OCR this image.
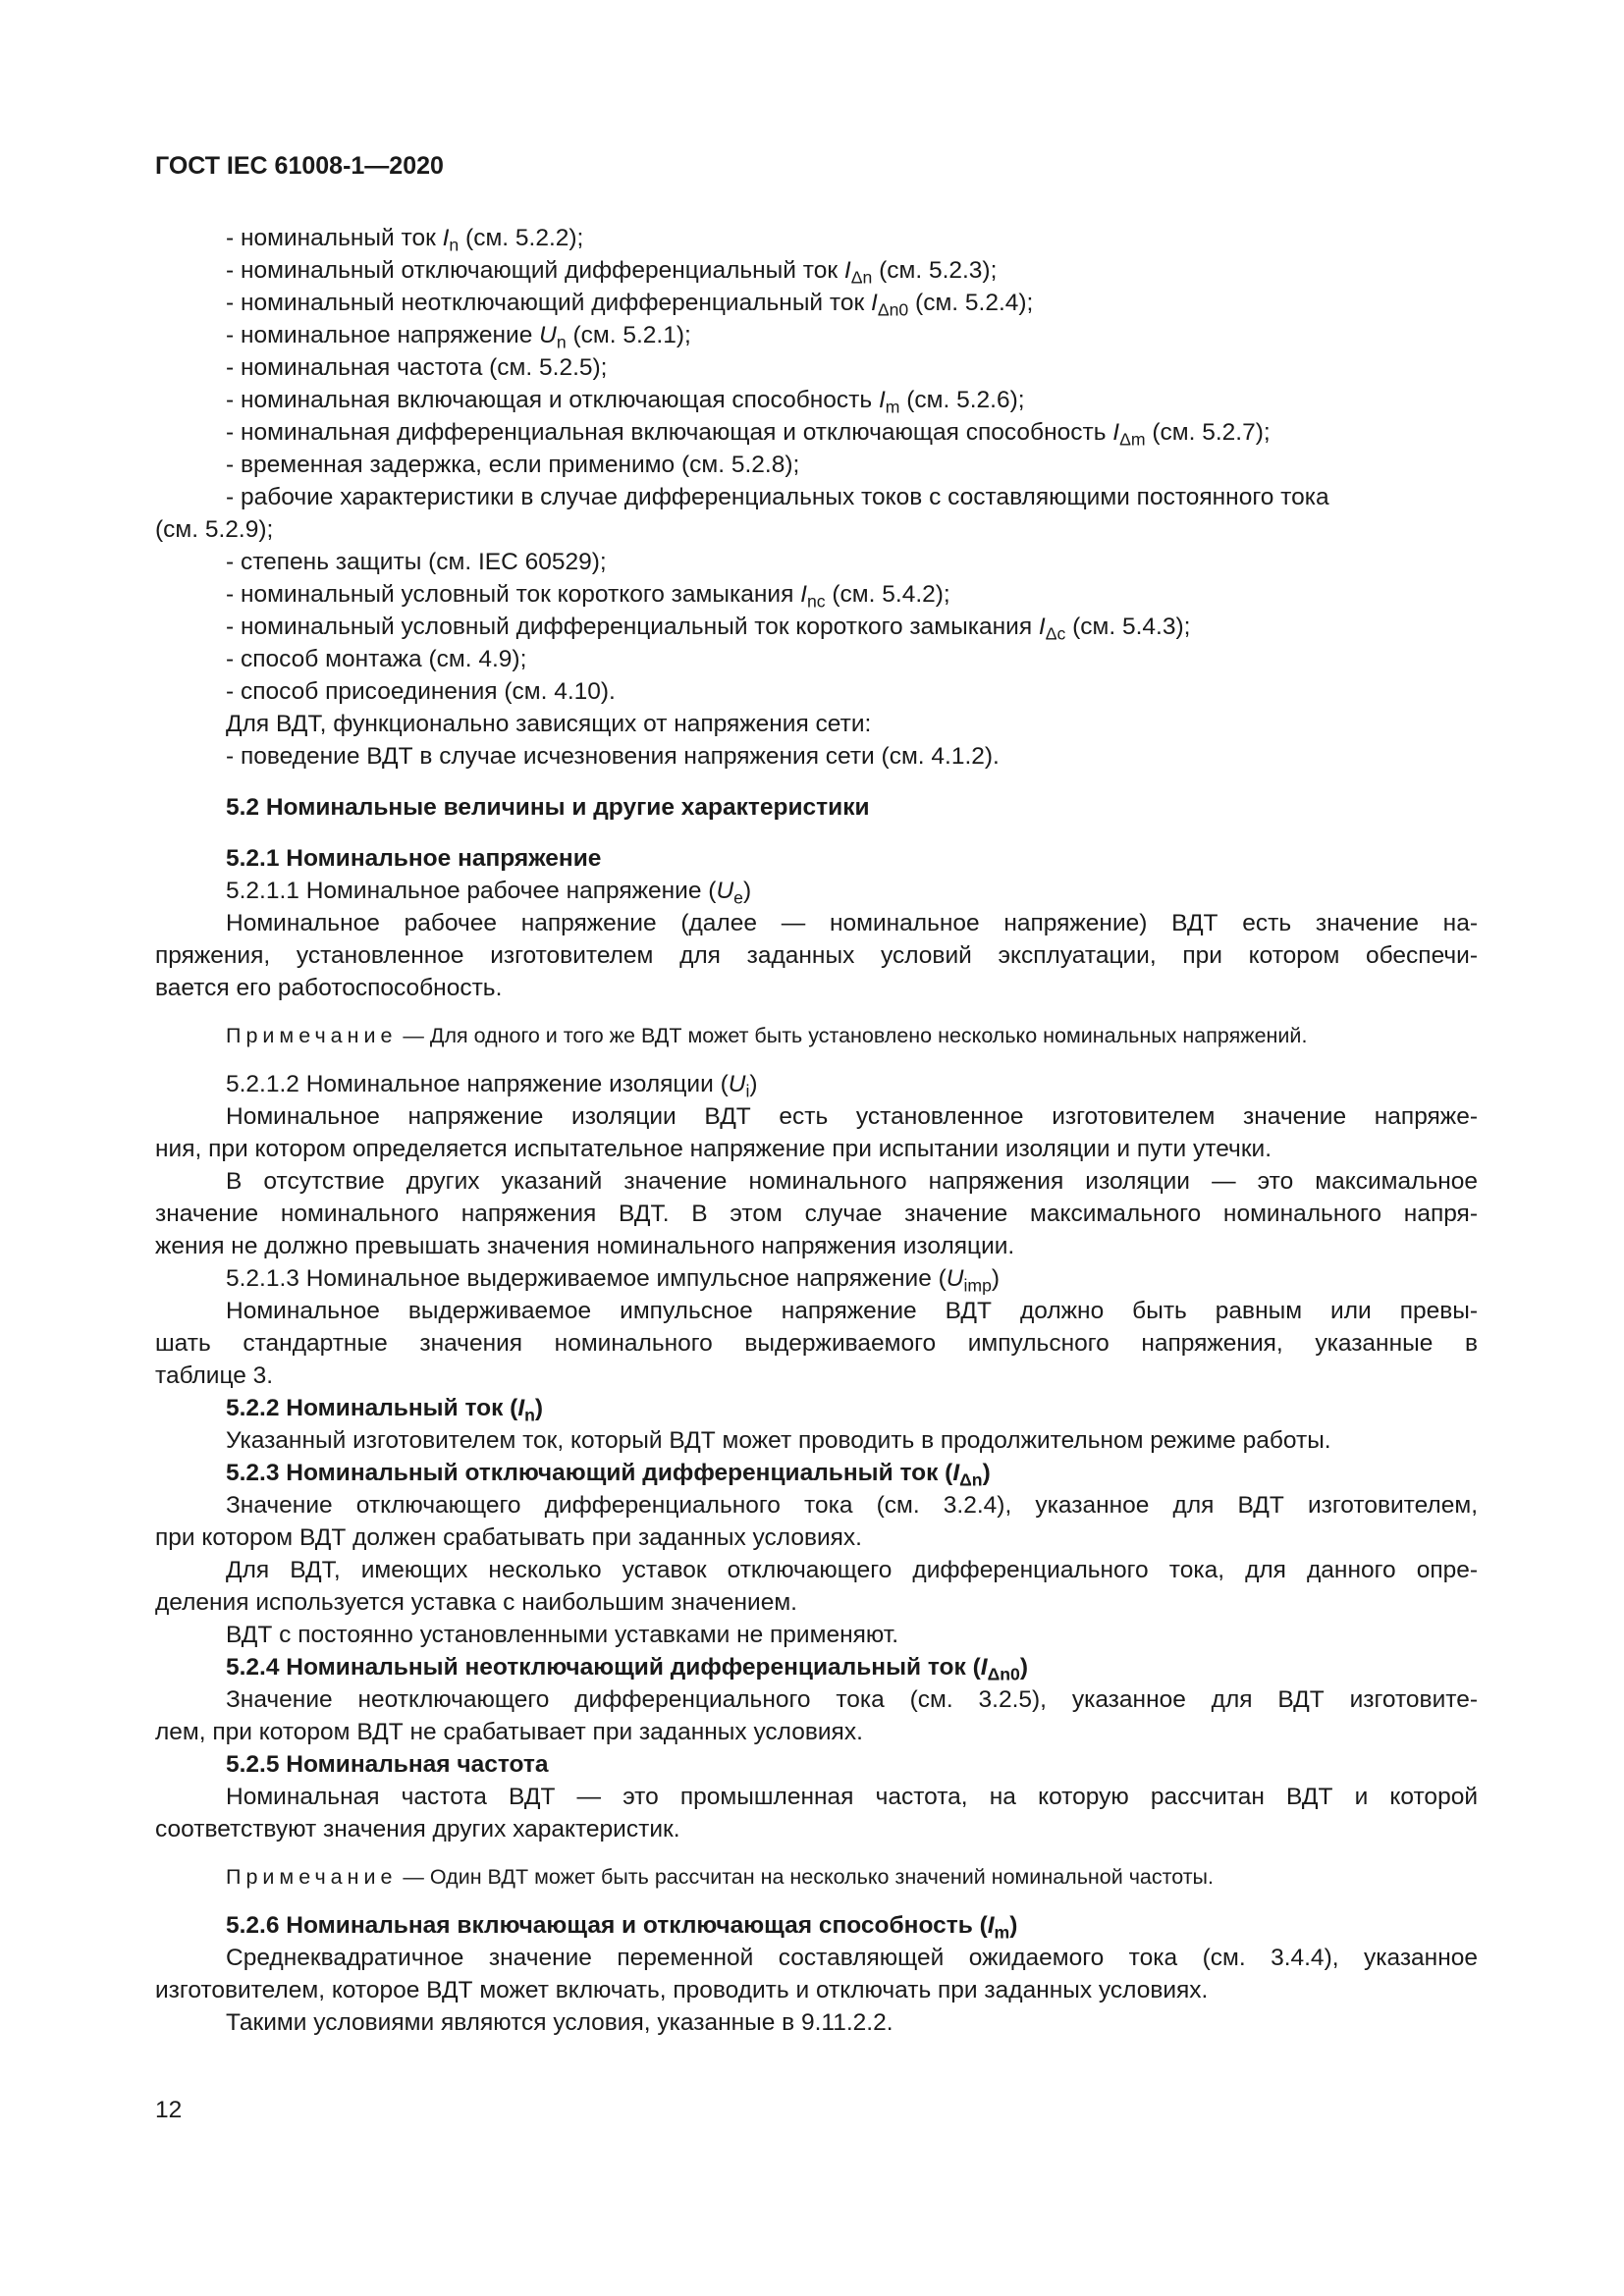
ГОСТ IEC 61008-1—2020
- номинальный ток $I_n$ (см. 5.2.2);
- номинальный отключающий дифференциальный ток $I_{\Delta n}$ (см. 5.2.3);
- номинальный неотключающий дифференциальный ток $I_{\Delta n0}$ (см. 5.2.4);
- номинальное напряжение $U_n$ (см. 5.2.1);
- номинальная частота (см. 5.2.5);
- номинальная включающая и отключающая способность $I_m$ (см. 5.2.6);
- номинальная дифференциальная включающая и отключающая способность $I_{\Delta m}$ (см. 5.2.7);
- временная задержка, если применимо (см. 5.2.8);
- рабочие характеристики в случае дифференциальных токов с составляющими постоянного тока
(см. 5.2.9);
- степень защиты (см. IEC 60529);
- номинальный условный ток короткого замыкания $I_{nc}$ (см. 5.4.2);
- номинальный условный дифференциальный ток короткого замыкания $I_{\Delta c}$ (см. 5.4.3);
- способ монтажа (см. 4.9);
- способ присоединения (см. 4.10).
Для ВДТ, функционально зависящих от напряжения сети:
- поведение ВДТ в случае исчезновения напряжения сети (см. 4.1.2).
5.2 Номинальные величины и другие характеристики
5.2.1 Номинальное напряжение
5.2.1.1 Номинальное рабочее напряжение $(U_e)$
Номинальное рабочее напряжение (далее — номинальное напряжение) ВДТ есть значение на-
пряжения, установленное изготовителем для заданных условий эксплуатации, при котором обеспечи-
вается его работоспособность.
Примечание — Для одного и того же ВДТ может быть установлено несколько номинальных напряжений.
5.2.1.2 Номинальное напряжение изоляции $(U_i)$
Номинальное напряжение изоляции ВДТ есть установленное изготовителем значение напряже-
ния, при котором определяется испытательное напряжение при испытании изоляции и пути утечки.
В отсутствие других указаний значение номинального напряжения изоляции — это максимальное
значение номинального напряжения ВДТ. В этом случае значение максимального номинального напря-
жения не должно превышать значения номинального напряжения изоляции.
5.2.1.3 Номинальное выдерживаемое импульсное напряжение $(U_{imp})$
Номинальное выдерживаемое импульсное напряжение ВДТ должно быть равным или превы-
шать стандартные значения номинального выдерживаемого импульсного напряжения, указанные в
таблице 3.
5.2.2 Номинальный ток $(I_n)$
Указанный изготовителем ток, который ВДТ может проводить в продолжительном режиме работы.
5.2.3 Номинальный отключающий дифференциальный ток $(I_{\Delta n})$
Значение отключающего дифференциального тока (см. 3.2.4), указанное для ВДТ изготовителем,
при котором ВДТ должен срабатывать при заданных условиях.
Для ВДТ, имеющих несколько уставок отключающего дифференциального тока, для данного опре-
деления используется уставка с наибольшим значением.
ВДТ с постоянно установленными уставками не применяют.
5.2.4 Номинальный неотключающий дифференциальный ток $(I_{\Delta n0})$
Значение неотключающего дифференциального тока (см. 3.2.5), указанное для ВДТ изготовите-
лем, при котором ВДТ не срабатывает при заданных условиях.
5.2.5 Номинальная частота
Номинальная частота ВДТ — это промышленная частота, на которую рассчитан ВДТ и которой
соответствуют значения других характеристик.
Примечание — Один ВДТ может быть рассчитан на несколько значений номинальной частоты.
5.2.6 Номинальная включающая и отключающая способность $(I_m)$
Среднеквадратичное значение переменной составляющей ожидаемого тока (см. 3.4.4), указанное
изготовителем, которое ВДТ может включать, проводить и отключать при заданных условиях.
Такими условиями являются условия, указанные в 9.11.2.2.
12
